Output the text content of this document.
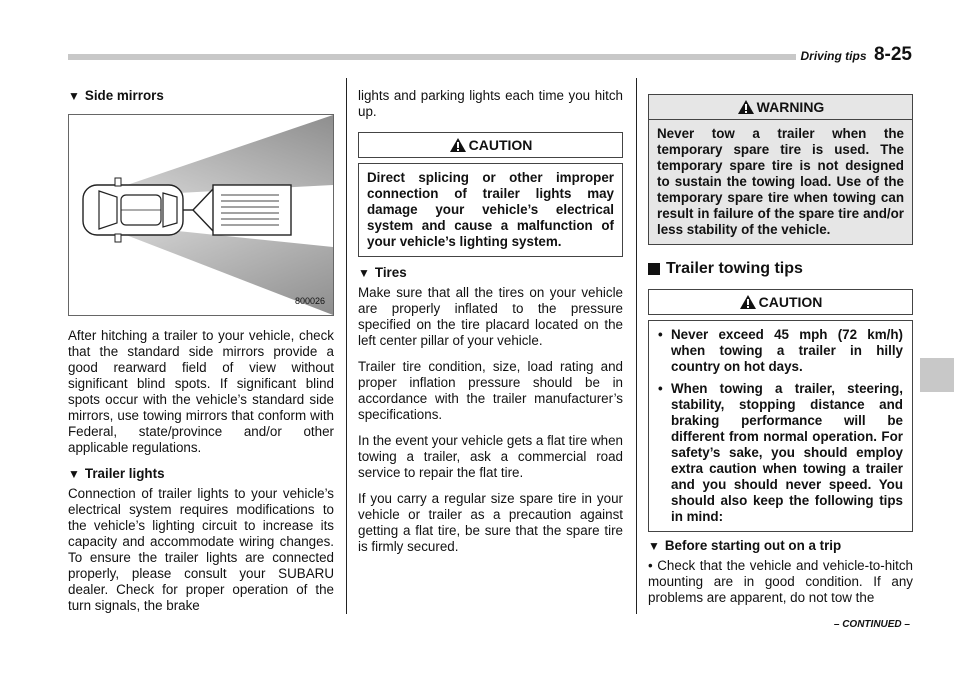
Driving tips 8-25
▼ Side mirrors
800026

After hitching a trailer to your vehicle, check that the standard side mirrors provide a good rearward field of view without significant blind spots. If significant blind spots occur with the vehicle’s standard side mirrors, use towing mirrors that conform with Federal, state/province and/or other applicable regulations.

▼ Trailer lights

Connection of trailer lights to your vehicle’s electrical system requires modifications to the vehicle’s lighting circuit to increase its capacity and accommodate wiring changes. To ensure the trailer lights are connected properly, please consult your SUBARU dealer. Check for proper operation of the turn signals, the brake

lights and parking lights each time you hitch up.

CAUTION
Direct splicing or other improper connection of trailer lights may damage your vehicle’s electrical system and cause a malfunction of your vehicle’s lighting system.
▼ Tires

Make sure that all the tires on your vehicle are properly inflated to the pressure specified on the tire placard located on the left center pillar of your vehicle.

Trailer tire condition, size, load rating and proper inflation pressure should be in accordance with the trailer manufacturer’s specifications.

In the event your vehicle gets a flat tire when towing a trailer, ask a commercial road service to repair the flat tire.

If you carry a regular size spare tire in your vehicle or trailer as a precaution against getting a flat tire, be sure that the spare tire is firmly secured.

WARNING
Never tow a trailer when the temporary spare tire is used. The temporary spare tire is not designed to sustain the towing load. Use of the temporary spare tire when towing can result in failure of the spare tire and/or less stability of the vehicle.
Trailer towing tips
CAUTION
• Never exceed 45 mph (72 km/h) when towing a trailer in hilly country on hot days.
• When towing a trailer, steering, stability, stopping distance and braking performance will be different from normal operation. For safety’s sake, you should employ extra caution when towing a trailer and you should never speed. You should also keep the following tips in mind:
▼ Before starting out on a trip

• Check that the vehicle and vehicle-to-hitch mounting are in good condition. If any problems are apparent, do not tow the

– CONTINUED –
